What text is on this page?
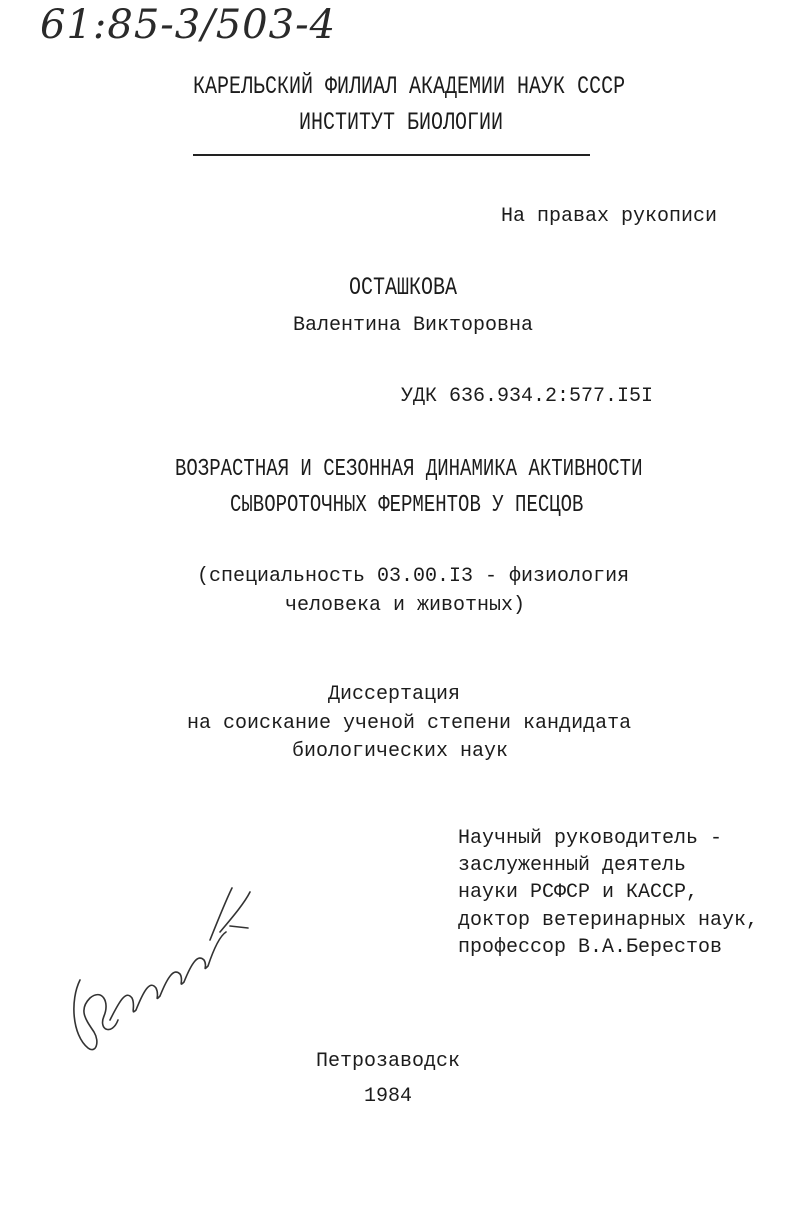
61:85-3/503-4
КАРЕЛЬСКИЙ ФИЛИАЛ АКАДЕМИИ НАУК СССР
ИНСТИТУТ БИОЛОГИИ
На правах рукописи
ОСТАШКОВА
Валентина Викторовна
УДК 636.934.2:577.I5I
ВОЗРАСТНАЯ И СЕЗОННАЯ ДИНАМИКА АКТИВНОСТИ
СЫВОРОТОЧНЫХ ФЕРМЕНТОВ У ПЕСЦОВ
(специальность 03.00.I3 - физиология
человека и животных)
Диссертация
на соискание ученой степени кандидата
биологических наук
Научный руководитель -
заслуженный деятель
науки РСФСР и КАССР,
доктор ветеринарных наук,
профессор В.А.Берестов
Петрозаводск
1984
